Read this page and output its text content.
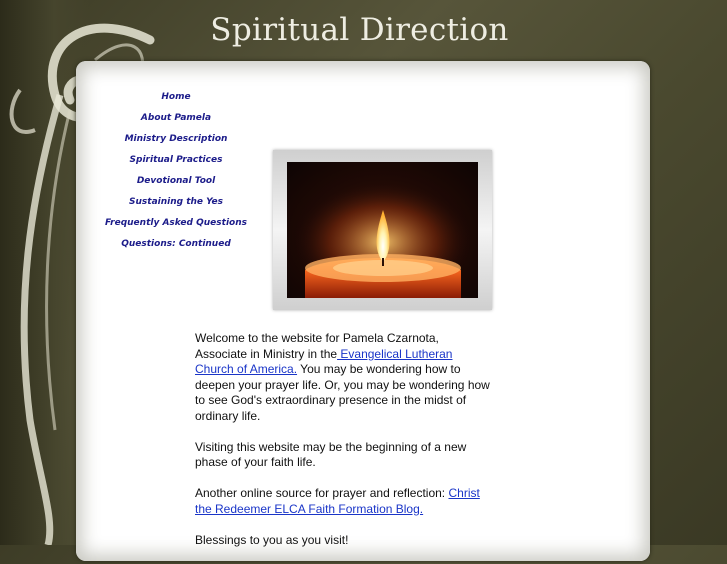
Spiritual Direction
Home
About Pamela
Ministry Description
Spiritual Practices
Devotional Tool
Sustaining the Yes
Frequently Asked Questions
Questions: Continued

Welcome to the website for Pamela Czarnota, Associate in Ministry in the Evangelical Lutheran Church of America. You may be wondering how to deepen your prayer life. Or, you may be wondering how to see God's extraordinary presence in the midst of ordinary life.

Visiting this website may be the beginning of a new phase of your faith life.

Another online source for prayer and reflection: Christ the Redeemer ELCA Faith Formation Blog.

Blessings to you as you visit!
